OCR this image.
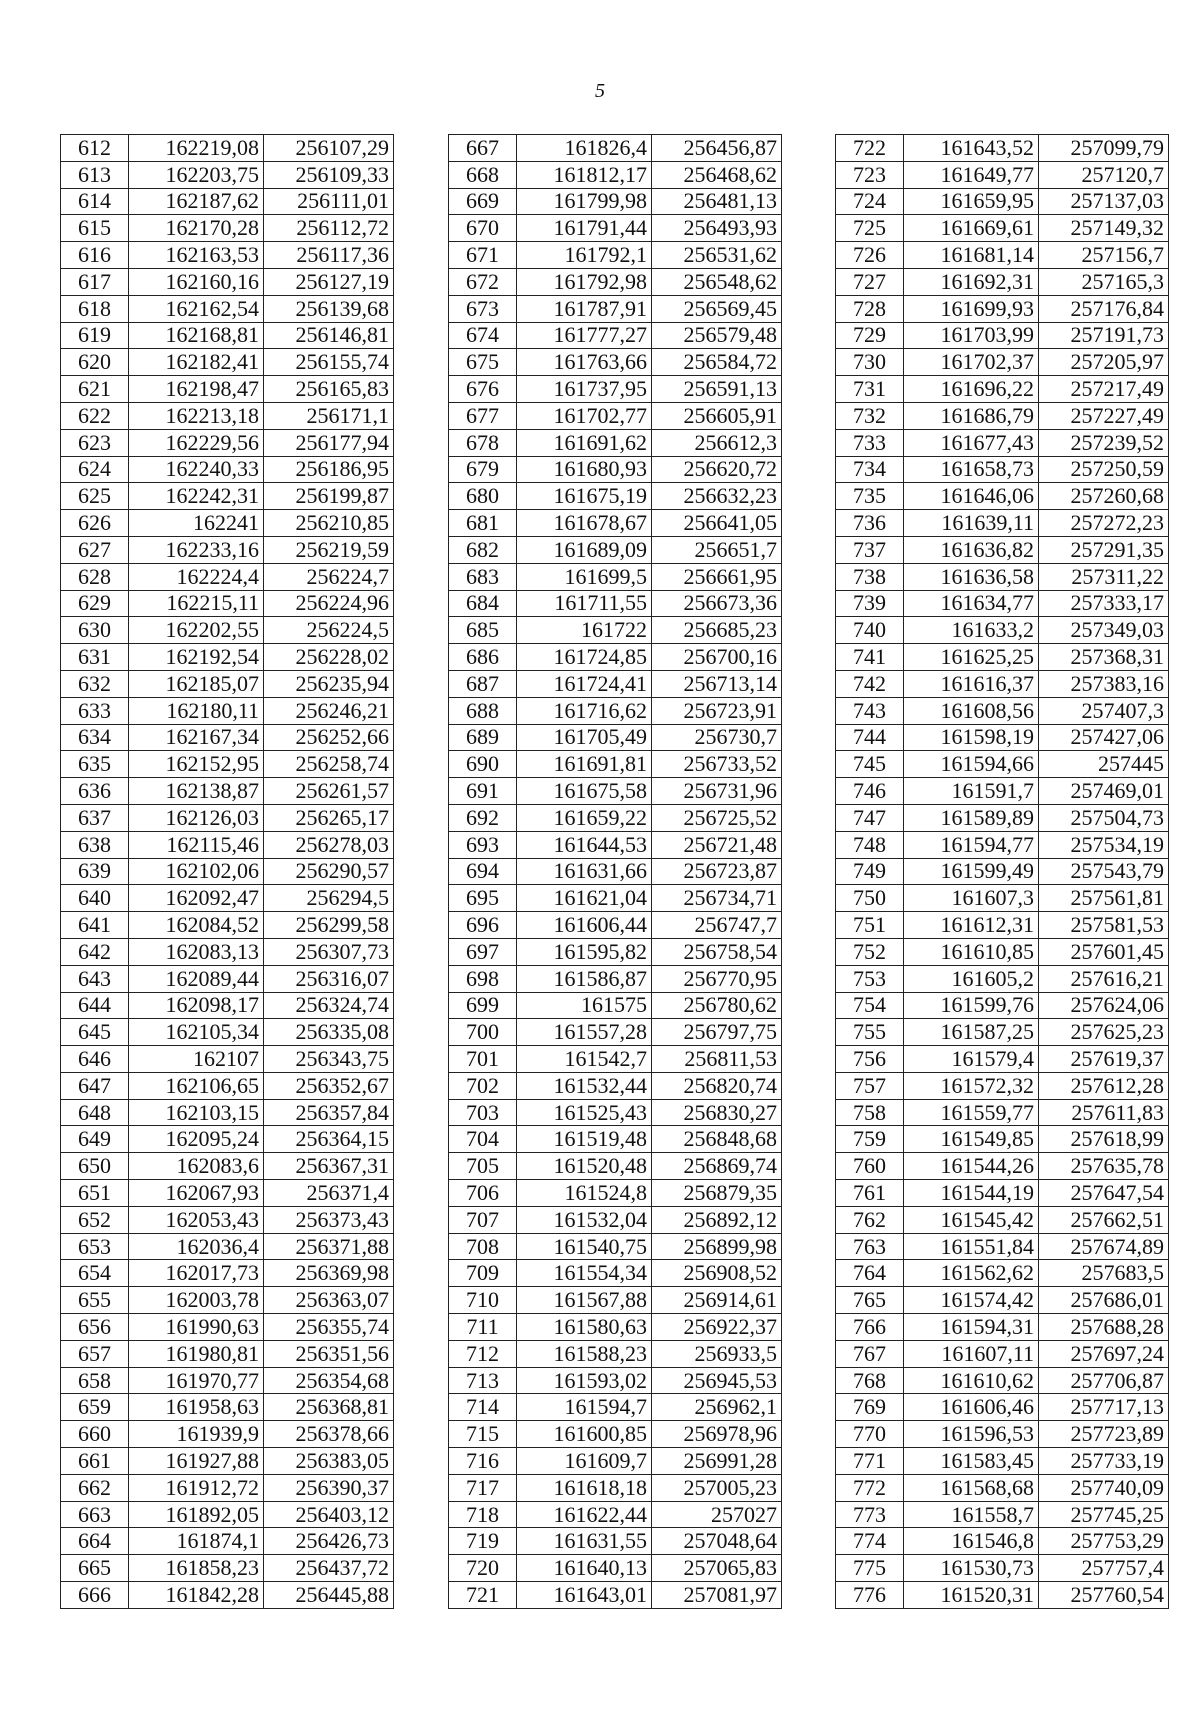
5
612	162219,08	256107,29
613	162203,75	256109,33
614	162187,62	256111,01
615	162170,28	256112,72
616	162163,53	256117,36
617	162160,16	256127,19
618	162162,54	256139,68
619	162168,81	256146,81
620	162182,41	256155,74
621	162198,47	256165,83
622	162213,18	256171,1
623	162229,56	256177,94
624	162240,33	256186,95
625	162242,31	256199,87
626	162241	256210,85
627	162233,16	256219,59
628	162224,4	256224,7
629	162215,11	256224,96
630	162202,55	256224,5
631	162192,54	256228,02
632	162185,07	256235,94
633	162180,11	256246,21
634	162167,34	256252,66
635	162152,95	256258,74
636	162138,87	256261,57
637	162126,03	256265,17
638	162115,46	256278,03
639	162102,06	256290,57
640	162092,47	256294,5
641	162084,52	256299,58
642	162083,13	256307,73
643	162089,44	256316,07
644	162098,17	256324,74
645	162105,34	256335,08
646	162107	256343,75
647	162106,65	256352,67
648	162103,15	256357,84
649	162095,24	256364,15
650	162083,6	256367,31
651	162067,93	256371,4
652	162053,43	256373,43
653	162036,4	256371,88
654	162017,73	256369,98
655	162003,78	256363,07
656	161990,63	256355,74
657	161980,81	256351,56
658	161970,77	256354,68
659	161958,63	256368,81
660	161939,9	256378,66
661	161927,88	256383,05
662	161912,72	256390,37
663	161892,05	256403,12
664	161874,1	256426,73
665	161858,23	256437,72
666	161842,28	256445,88
667	161826,4	256456,87
668	161812,17	256468,62
669	161799,98	256481,13
670	161791,44	256493,93
671	161792,1	256531,62
672	161792,98	256548,62
673	161787,91	256569,45
674	161777,27	256579,48
675	161763,66	256584,72
676	161737,95	256591,13
677	161702,77	256605,91
678	161691,62	256612,3
679	161680,93	256620,72
680	161675,19	256632,23
681	161678,67	256641,05
682	161689,09	256651,7
683	161699,5	256661,95
684	161711,55	256673,36
685	161722	256685,23
686	161724,85	256700,16
687	161724,41	256713,14
688	161716,62	256723,91
689	161705,49	256730,7
690	161691,81	256733,52
691	161675,58	256731,96
692	161659,22	256725,52
693	161644,53	256721,48
694	161631,66	256723,87
695	161621,04	256734,71
696	161606,44	256747,7
697	161595,82	256758,54
698	161586,87	256770,95
699	161575	256780,62
700	161557,28	256797,75
701	161542,7	256811,53
702	161532,44	256820,74
703	161525,43	256830,27
704	161519,48	256848,68
705	161520,48	256869,74
706	161524,8	256879,35
707	161532,04	256892,12
708	161540,75	256899,98
709	161554,34	256908,52
710	161567,88	256914,61
711	161580,63	256922,37
712	161588,23	256933,5
713	161593,02	256945,53
714	161594,7	256962,1
715	161600,85	256978,96
716	161609,7	256991,28
717	161618,18	257005,23
718	161622,44	257027
719	161631,55	257048,64
720	161640,13	257065,83
721	161643,01	257081,97
722	161643,52	257099,79
723	161649,77	257120,7
724	161659,95	257137,03
725	161669,61	257149,32
726	161681,14	257156,7
727	161692,31	257165,3
728	161699,93	257176,84
729	161703,99	257191,73
730	161702,37	257205,97
731	161696,22	257217,49
732	161686,79	257227,49
733	161677,43	257239,52
734	161658,73	257250,59
735	161646,06	257260,68
736	161639,11	257272,23
737	161636,82	257291,35
738	161636,58	257311,22
739	161634,77	257333,17
740	161633,2	257349,03
741	161625,25	257368,31
742	161616,37	257383,16
743	161608,56	257407,3
744	161598,19	257427,06
745	161594,66	257445
746	161591,7	257469,01
747	161589,89	257504,73
748	161594,77	257534,19
749	161599,49	257543,79
750	161607,3	257561,81
751	161612,31	257581,53
752	161610,85	257601,45
753	161605,2	257616,21
754	161599,76	257624,06
755	161587,25	257625,23
756	161579,4	257619,37
757	161572,32	257612,28
758	161559,77	257611,83
759	161549,85	257618,99
760	161544,26	257635,78
761	161544,19	257647,54
762	161545,42	257662,51
763	161551,84	257674,89
764	161562,62	257683,5
765	161574,42	257686,01
766	161594,31	257688,28
767	161607,11	257697,24
768	161610,62	257706,87
769	161606,46	257717,13
770	161596,53	257723,89
771	161583,45	257733,19
772	161568,68	257740,09
773	161558,7	257745,25
774	161546,8	257753,29
775	161530,73	257757,4
776	161520,31	257760,54
